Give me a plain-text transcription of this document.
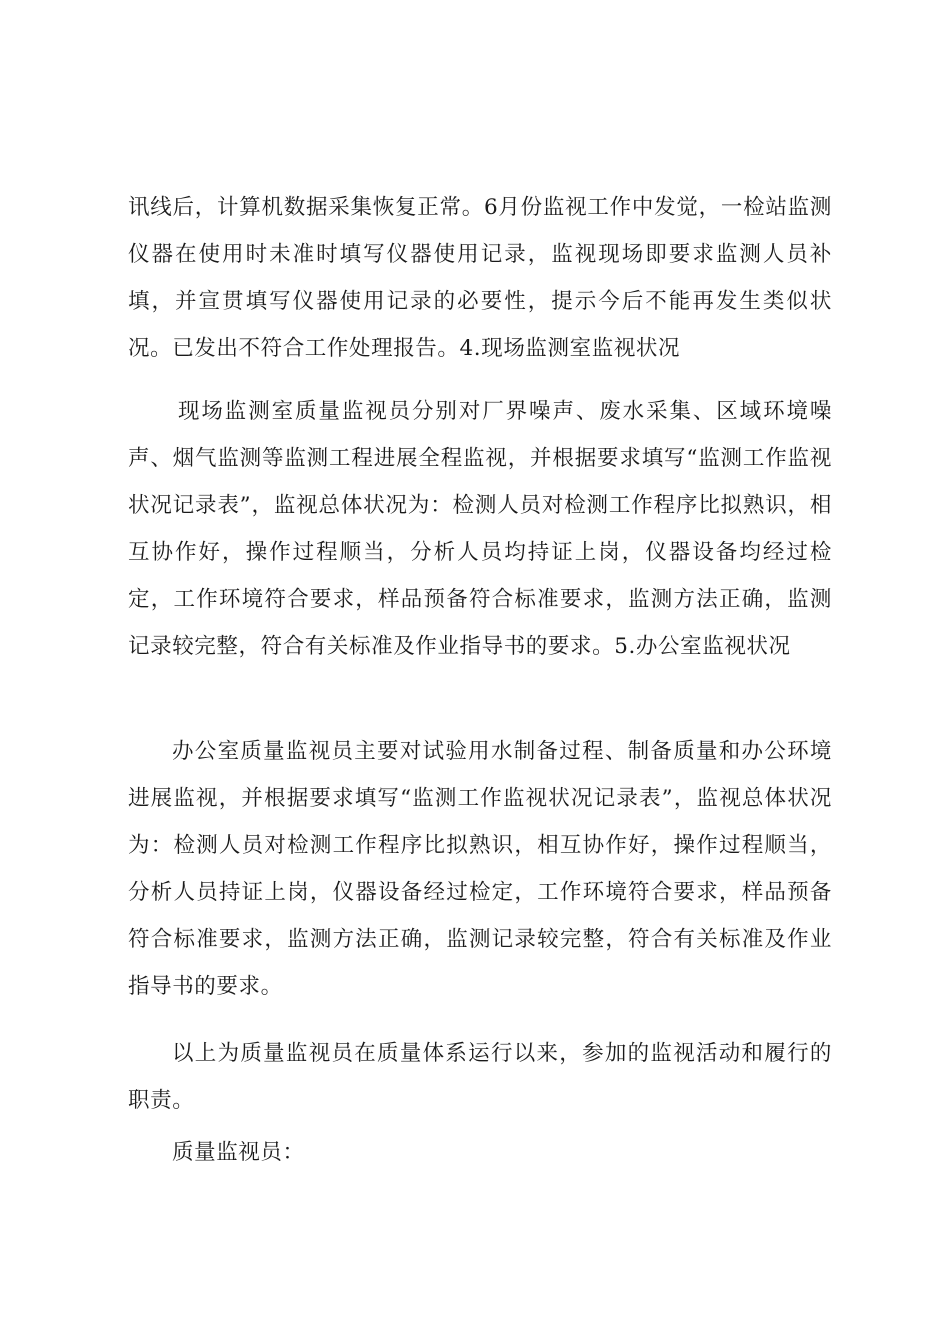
讯线后，计算机数据采集恢复正常。6月份监视工作中发觉，一检站监测仪器在使用时未准时填写仪器使用记录，监视现场即要求监测人员补填，并宣贯填写仪器使用记录的必要性，提示今后不能再发生类似状况。已发出不符合工作处理报告。4.现场监测室监视状况

现场监测室质量监视员分别对厂界噪声、废水采集、区域环境噪声、烟气监测等监测工程进展全程监视，并根据要求填写“监测工作监视状况记录表”，监视总体状况为：检测人员对检测工作程序比拟熟识，相互协作好，操作过程顺当，分析人员均持证上岗，仪器设备均经过检定，工作环境符合要求，样品预备符合标准要求，监测方法正确，监测记录较完整，符合有关标准及作业指导书的要求。5.办公室监视状况

办公室质量监视员主要对试验用水制备过程、制备质量和办公环境进展监视，并根据要求填写“监测工作监视状况记录表”，监视总体状况为：检测人员对检测工作程序比拟熟识，相互协作好，操作过程顺当，分析人员持证上岗，仪器设备经过检定，工作环境符合要求，样品预备符合标准要求，监测方法正确，监测记录较完整，符合有关标准及作业指导书的要求。

以上为质量监视员在质量体系运行以来，参加的监视活动和履行的职责。

质量监视员：
